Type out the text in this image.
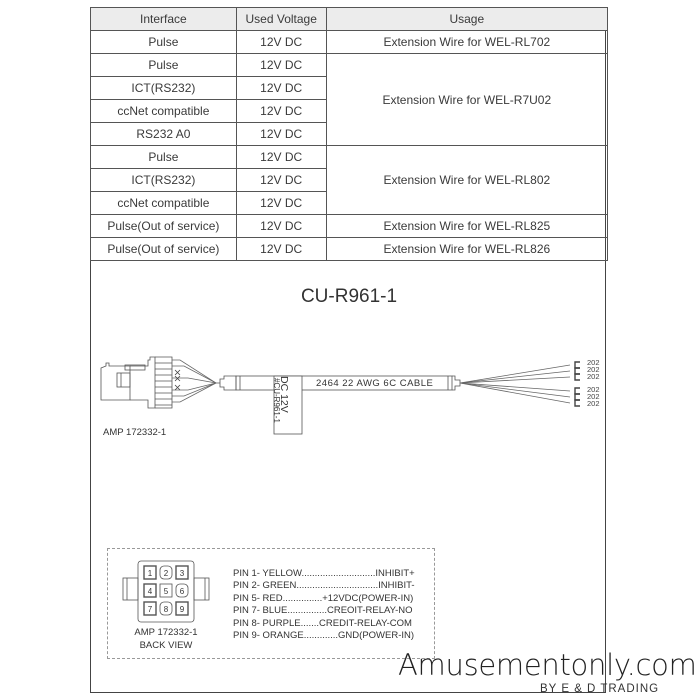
Interface	Used Voltage	Usage
Pulse	12V DC	Extension Wire for WEL-RL702
Pulse	12V DC	Extension Wire for WEL-R7U02
ICT(RS232)	12V DC	
ccNet compatible	12V DC	
RS232 A0	12V DC	
Pulse	12V DC	Extension Wire for WEL-RL802
ICT(RS232)	12V DC	
ccNet compatible	12V DC	
Pulse(Out of service)	12V DC	Extension Wire for WEL-RL825
Pulse(Out of service)	12V DC	Extension Wire for WEL-RL826
CU-R961-1
1 2 3
4 5 6
7 8 9
DC 12V
#CU-R961-1	2464 22 AWG 6C CABLE
AMP 172332-1
202
202
202
202
202
202
AMP 172332-1
BACK VIEW
PIN 1- YELLOW............................INHIBIT+
PIN 2- GREEN...............................INHIBIT-
PIN 5- RED...............+12VDC(POWER-IN)
PIN 7- BLUE...............CREOIT-RELAY-NO
PIN 8- PURPLE.......CREDIT-RELAY-COM
PIN 9- ORANGE.............GND(POWER-IN)
Amusementonly.com
BY E & D TRADING
